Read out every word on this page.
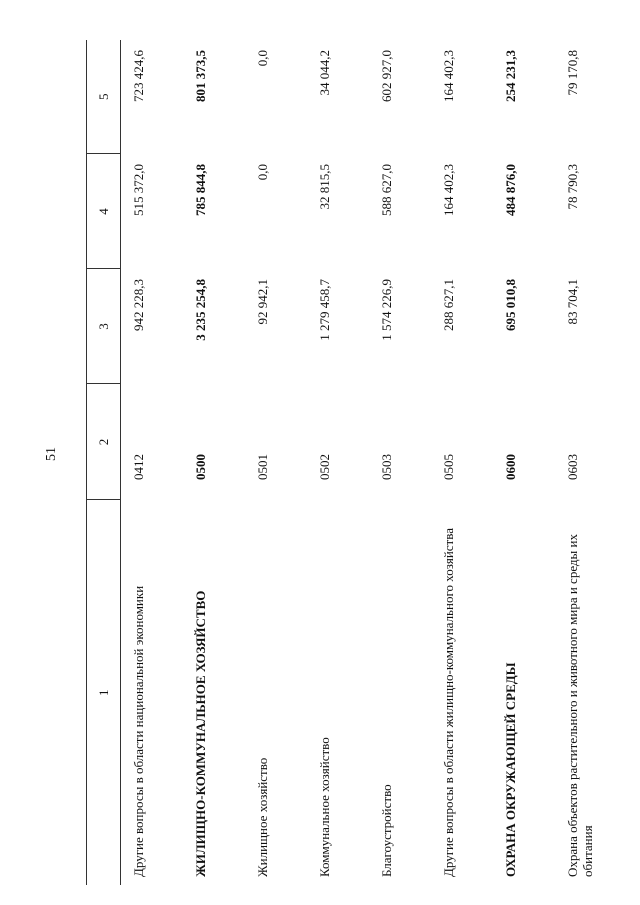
51
1	2	3	4	5
Другие вопросы в области национальной экономики	0412	942 228,3	515 372,0	723 424,6
ЖИЛИЩНО-КОММУНАЛЬНОЕ ХОЗЯЙСТВО	0500	3 235 254,8	785 844,8	801 373,5
Жилищное хозяйство	0501	92 942,1	0,0	0,0
Коммунальное хозяйство	0502	1 279 458,7	32 815,5	34 044,2
Благоустройство	0503	1 574 226,9	588 627,0	602 927,0
Другие вопросы в области жилищно-коммунального хозяйства	0505	288 627,1	164 402,3	164 402,3
ОХРАНА ОКРУЖАЮЩЕЙ СРЕДЫ	0600	695 010,8	484 876,0	254 231,3
Охрана объектов растительного и животного мира и среды их обитания	0603	83 704,1	78 790,3	79 170,8
